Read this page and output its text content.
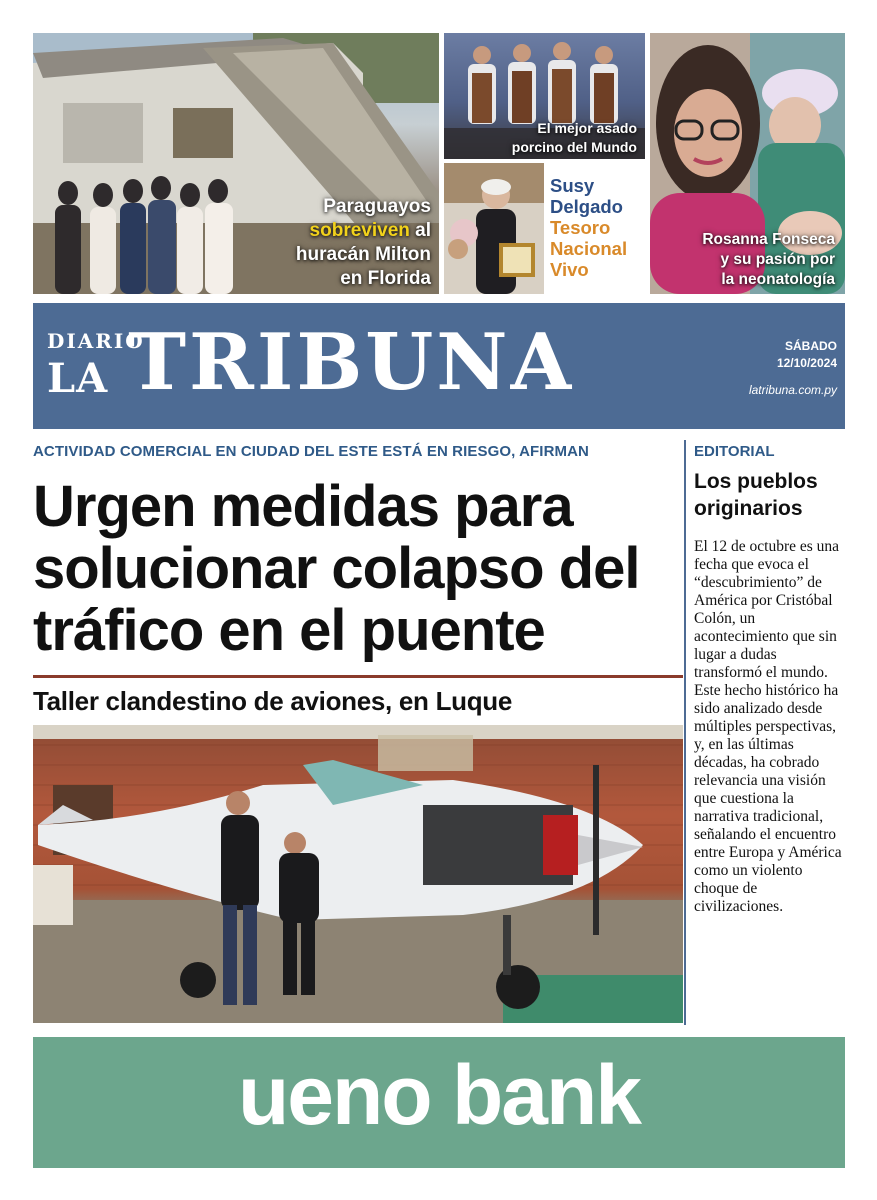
Paraguayos
sobreviven al
huracán Milton
en Florida
El mejor asado
porcino del Mundo
Susy
Delgado
Tesoro
Nacional
Vivo
Rosanna Fonseca
y su pasión por
la neonatología
DIARIO
LA TRIBUNA	SÁBADO
12/10/2024
latribuna.com.py
ACTIVIDAD COMERCIAL EN CIUDAD DEL ESTE ESTÁ EN RIESGO, AFIRMAN
Urgen medidas para solucionar colapso del tráfico en el puente
Taller clandestino de aviones, en Luque
EDITORIAL
Los pueblos originarios
El 12 de octubre es una fecha que evoca el “descubrimiento” de América por Cristóbal Colón, un acontecimiento que sin lugar a dudas transformó el mundo. Este hecho histórico ha sido analizado desde múltiples perspectivas, y, en las últimas décadas, ha cobrado relevancia una visión que cuestiona la narrativa tradicional, señalando el encuentro entre Europa y América como un violento choque de civilizaciones.
ueno bank
